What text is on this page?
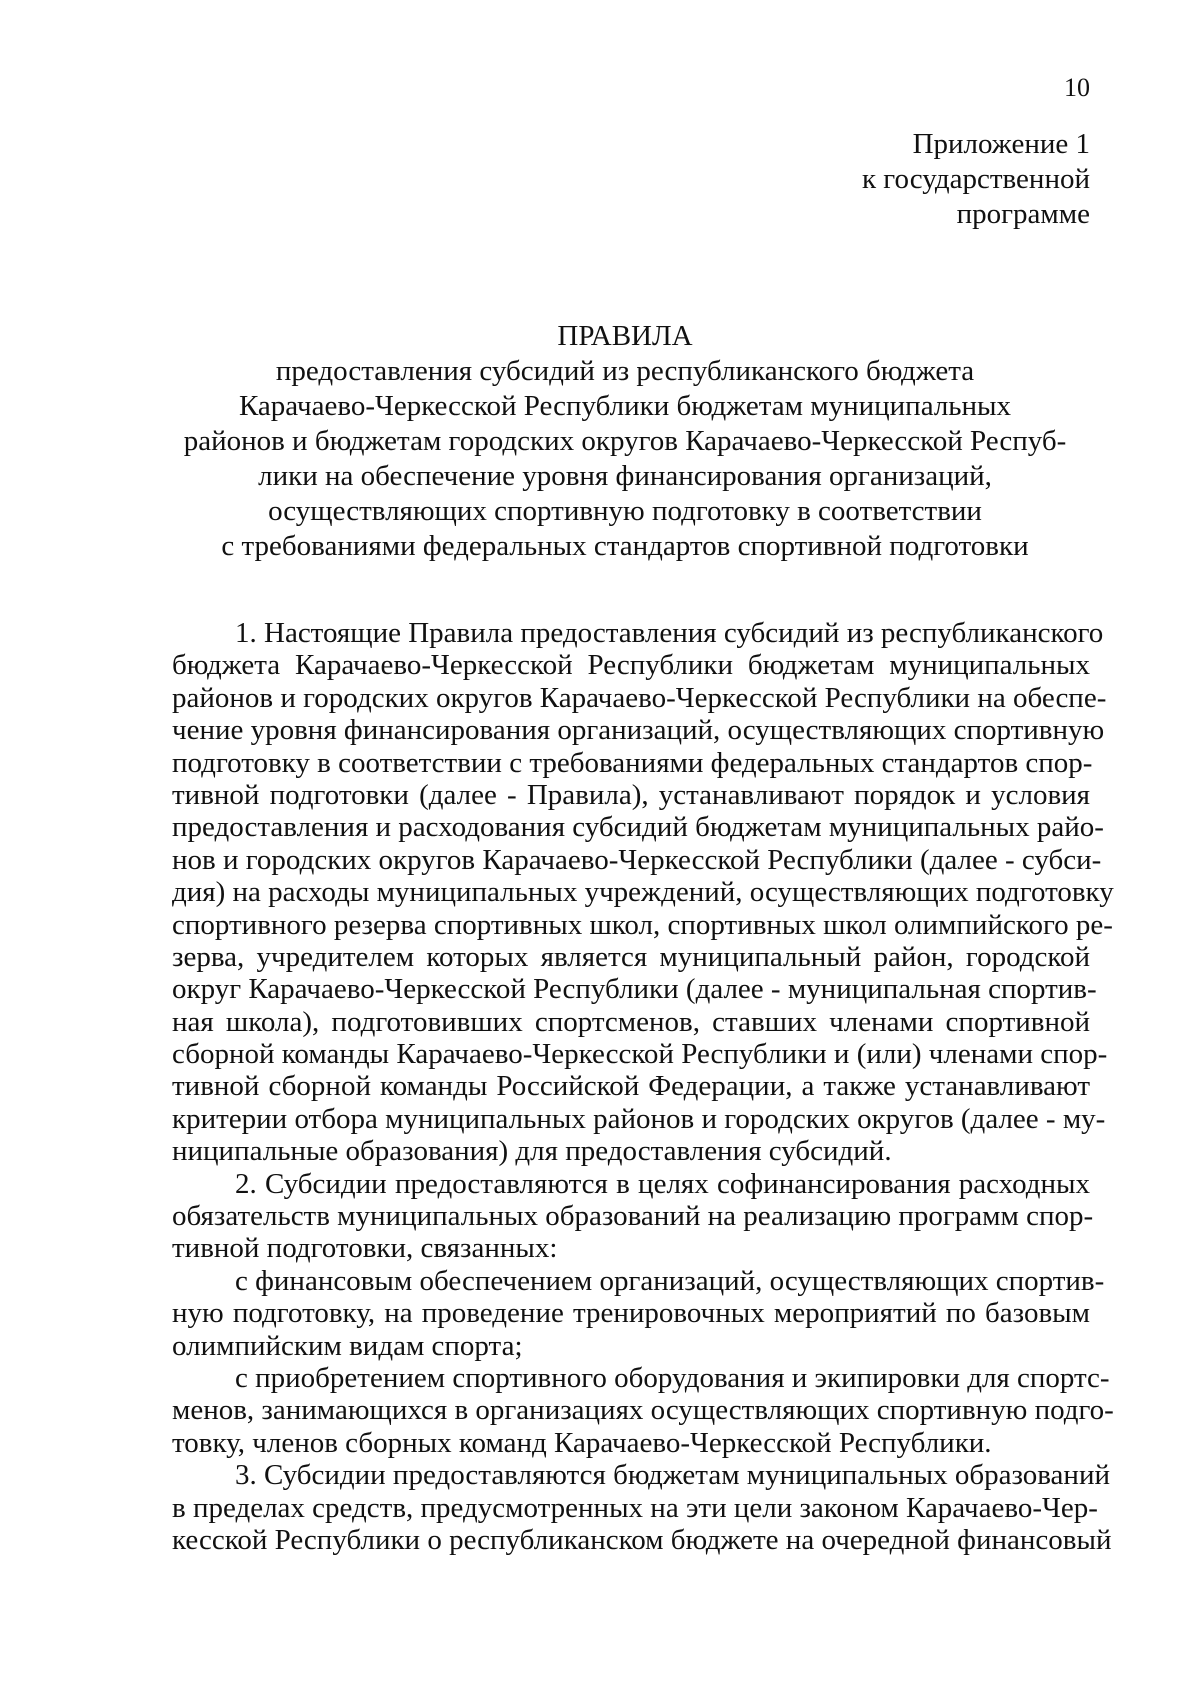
10
Приложение 1
к государственной
программе
ПРАВИЛА
предоставления субсидий из республиканского бюджета
Карачаево-Черкесской Республики бюджетам муниципальных
районов и бюджетам городских округов Карачаево-Черкесской Респуб-
лики на обеспечение уровня финансирования организаций,
осуществляющих спортивную подготовку в соответствии
с требованиями федеральных стандартов спортивной подготовки
1. Настоящие Правила предоставления субсидий из республиканского
бюджета Карачаево-Черкесской Республики бюджетам муниципальных
районов и городских округов Карачаево-Черкесской Республики на обеспе-
чение уровня финансирования организаций, осуществляющих спортивную
подготовку в соответствии с требованиями федеральных стандартов спор-
тивной подготовки (далее - Правила), устанавливают порядок и условия
предоставления и расходования субсидий бюджетам муниципальных райо-
нов и городских округов Карачаево-Черкесской Республики (далее - субси-
дия) на расходы муниципальных учреждений, осуществляющих подготовку
спортивного резерва спортивных школ, спортивных школ олимпийского ре-
зерва, учредителем которых является муниципальный район, городской
округ Карачаево-Черкесской Республики (далее - муниципальная спортив-
ная школа), подготовивших спортсменов, ставших членами спортивной
сборной команды Карачаево-Черкесской Республики и (или) членами спор-
тивной сборной команды Российской Федерации, а также устанавливают
критерии отбора муниципальных районов и городских округов (далее - му-
ниципальные образования) для предоставления субсидий.
2. Субсидии предоставляются в целях софинансирования расходных
обязательств муниципальных образований на реализацию программ спор-
тивной подготовки, связанных:
с финансовым обеспечением организаций, осуществляющих спортив-
ную подготовку, на проведение тренировочных мероприятий по базовым
олимпийским видам спорта;
с приобретением спортивного оборудования и экипировки для спортс-
менов, занимающихся в организациях осуществляющих спортивную подго-
товку, членов сборных команд Карачаево-Черкесской Республики.
3. Субсидии предоставляются бюджетам муниципальных образований
в пределах средств, предусмотренных на эти цели законом Карачаево-Чер-
кесской Республики о республиканском бюджете на очередной финансовый
